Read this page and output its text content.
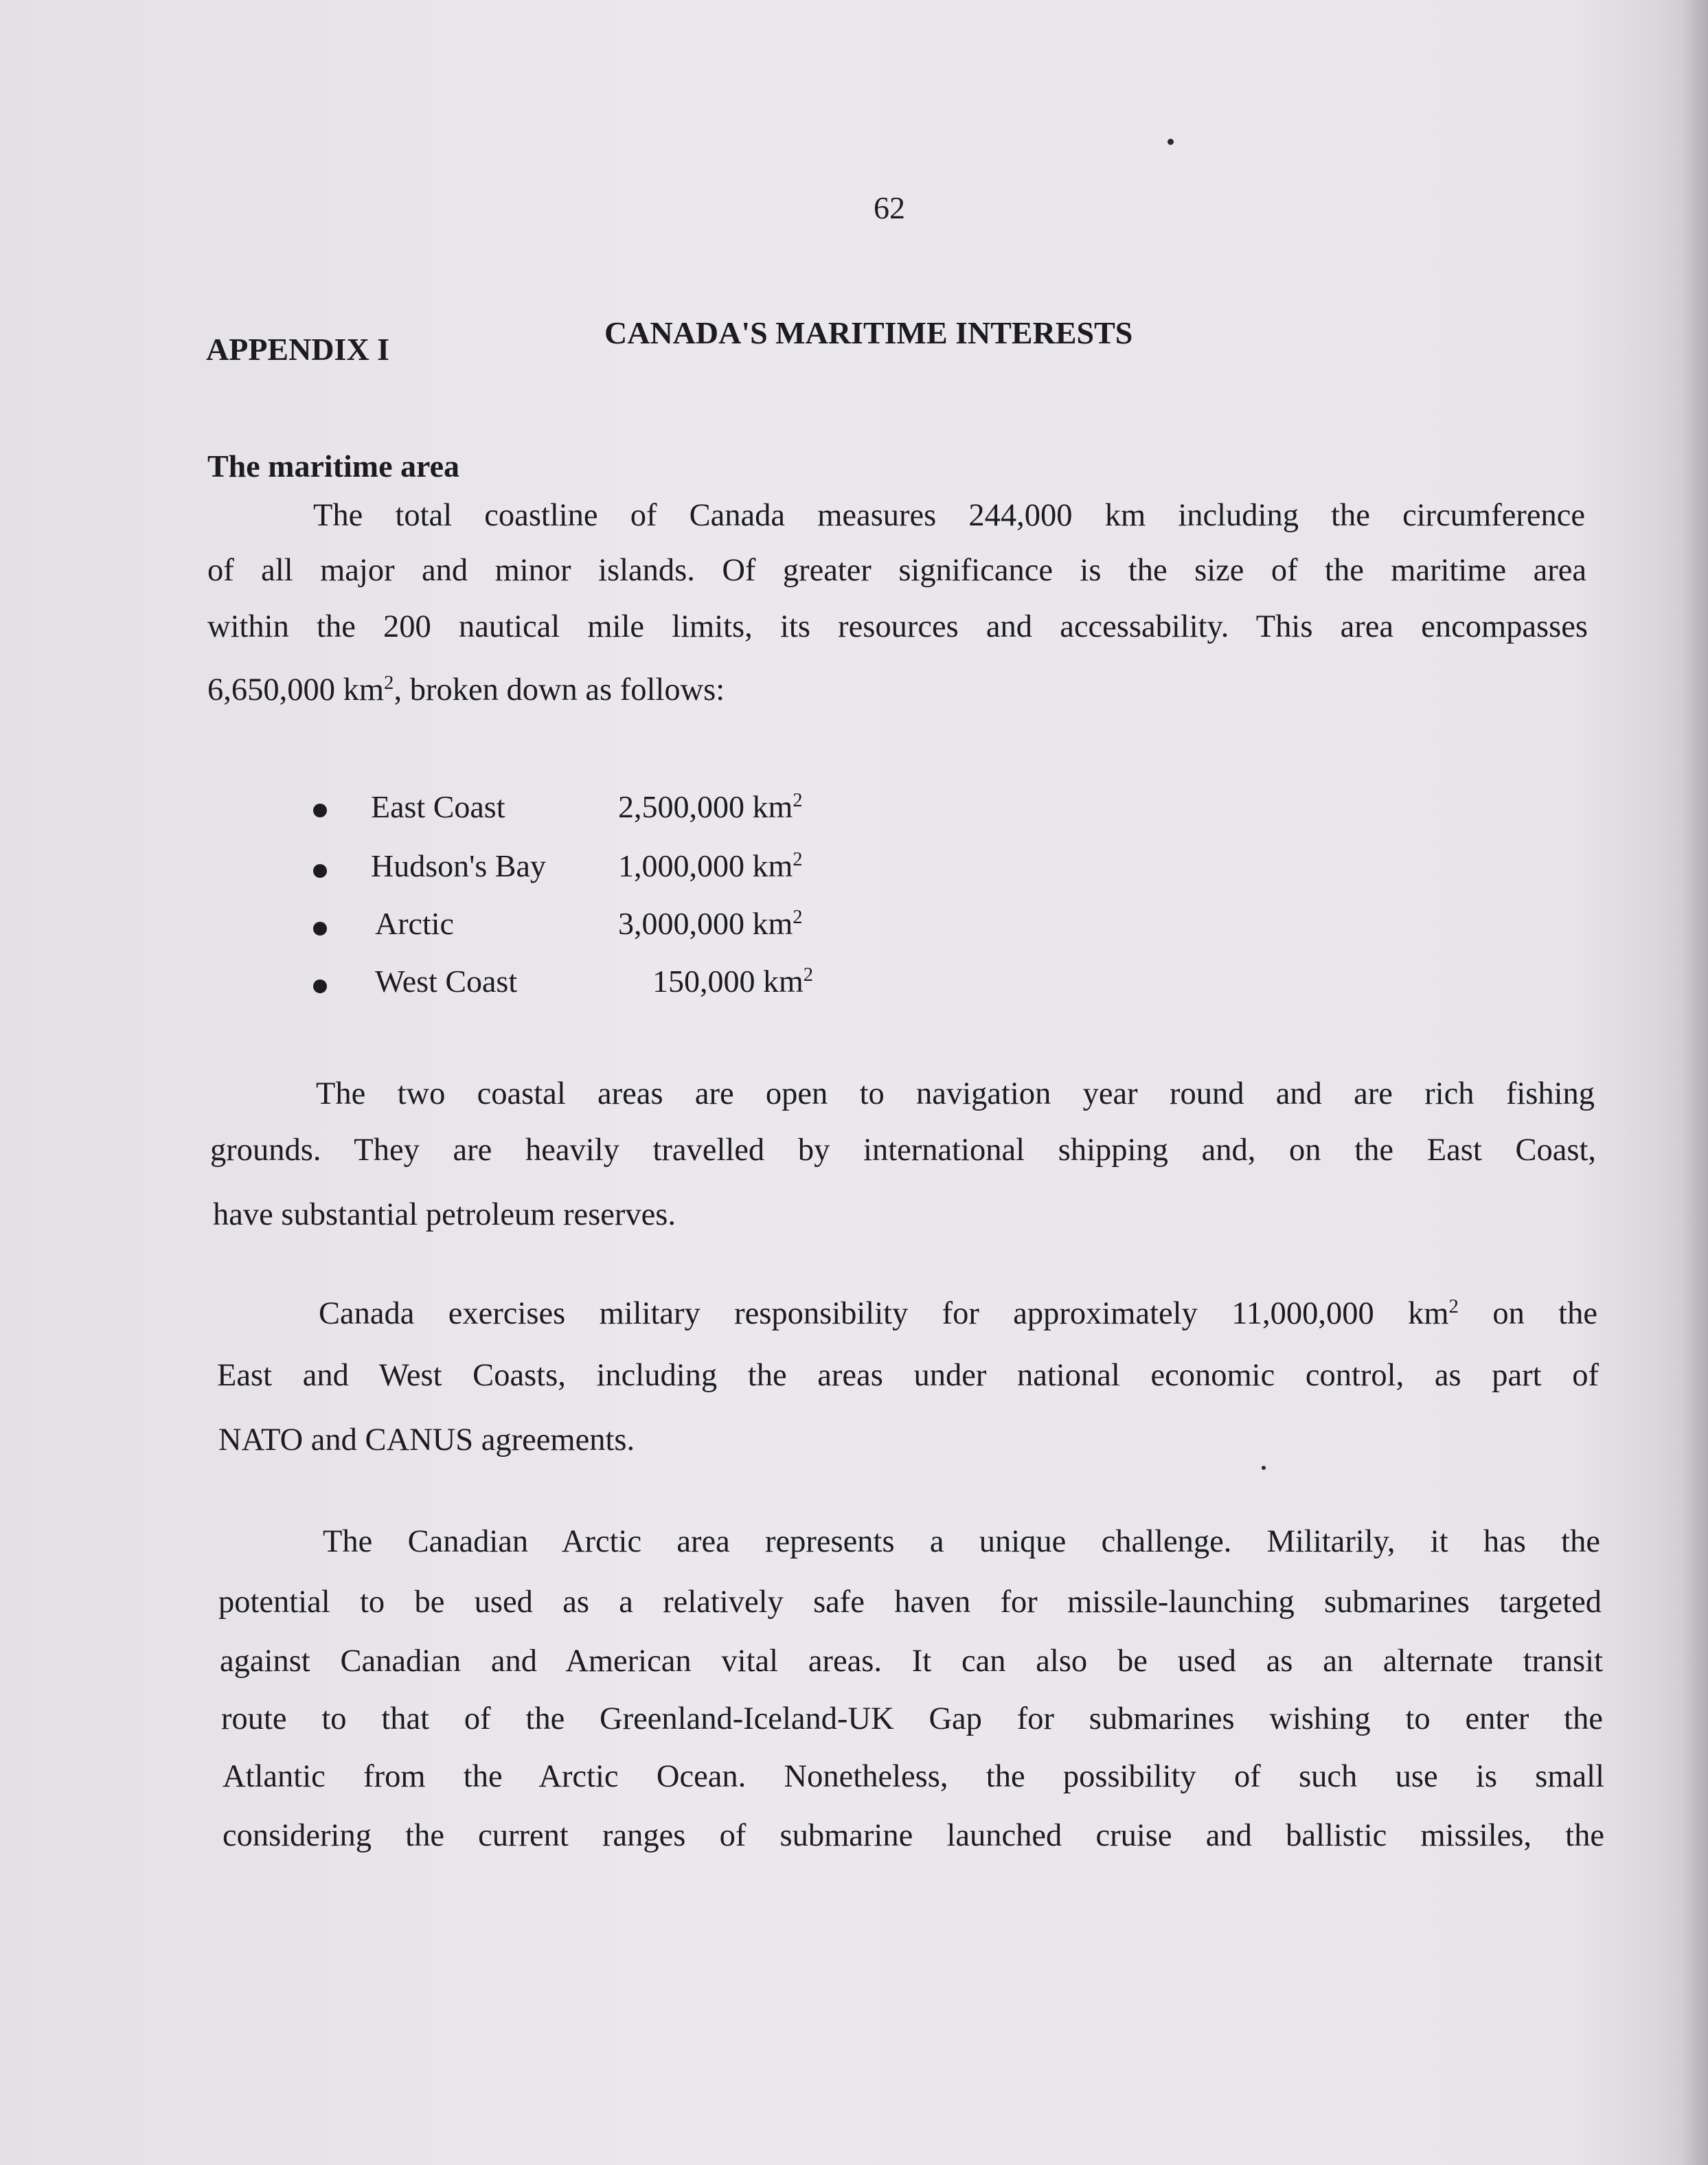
62
APPENDIX I	CANADA'S MARITIME INTERESTS
The maritime area
The total coastline of Canada measures 244,000 km including the circumference
of all major and minor islands. Of greater significance is the size of the maritime area
within the 200 nautical mile limits, its resources and accessability. This area encompasses
6,650,000 $km^2$, broken down as follows:
East Coast	2,500,000 $km^2$
Hudson's Bay 1,000,000 $km^2$
Arctic	3,000,000 $km^2$
West Coast	150,000 $km^2$
The two coastal areas are open to navigation year round and are rich fishing
grounds. They are heavily travelled by international shipping and, on the East Coast,
have substantial petroleum reserves.
Canada exercises military responsibility for approximately 11,000,000 $km^2$ on the
East and West Coasts, including the areas under national economic control, as part of
NATO and CANUS agreements.
The Canadian Arctic area represents a unique challenge. Militarily, it has the
potential to be used as a relatively safe haven for missile-launching submarines targeted
against Canadian and American vital areas. It can also be used as an alternate transit
route to that of the Greenland-Iceland-UK Gap for submarines wishing to enter the
Atlantic from the Arctic Ocean. Nonetheless, the possibility of such use is small
considering the current ranges of submarine launched cruise and ballistic missiles, the
